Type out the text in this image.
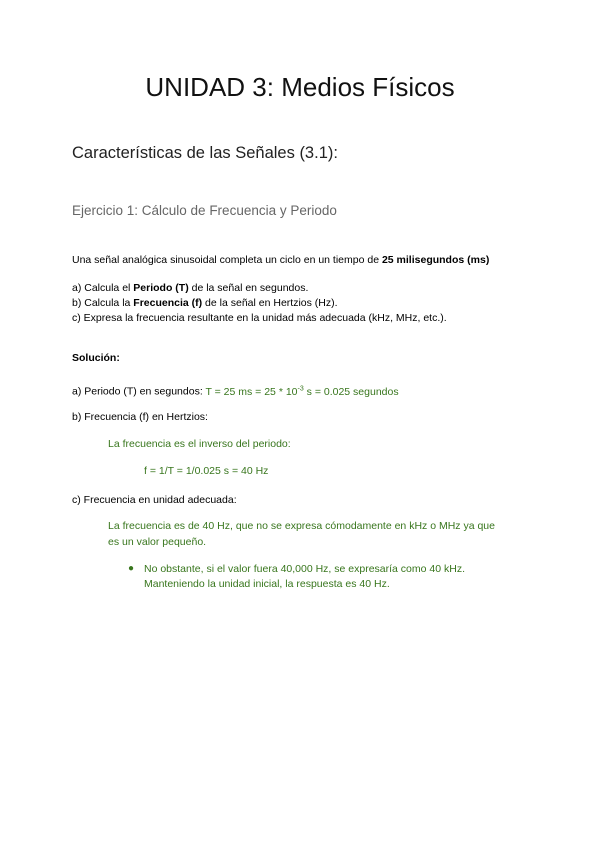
UNIDAD 3: Medios Físicos
Características de las Señales (3.1):
Ejercicio 1: Cálculo de Frecuencia y Periodo
Una señal analógica sinusoidal completa un ciclo en un tiempo de 25 milisegundos (ms)
a) Calcula el Periodo (T) de la señal en segundos.
b) Calcula la Frecuencia (f) de la señal en Hertzios (Hz).
c) Expresa la frecuencia resultante en la unidad más adecuada (kHz, MHz, etc.).
Solución:
a) Periodo (T) en segundos: T = 25 ms = $25 * 10^{-3}$ s = 0.025 segundos
b) Frecuencia (f) en Hertzios:
La frecuencia es el inverso del periodo:
f = 1/T = 1/0.025 s = 40 Hz
c) Frecuencia en unidad adecuada:
La frecuencia es de 40 Hz, que no se expresa cómodamente en kHz o MHz ya que
es un valor pequeño.
● No obstante, si el valor fuera 40,000 Hz, se expresaría como 40 kHz.
Manteniendo la unidad inicial, la respuesta es 40 Hz.
